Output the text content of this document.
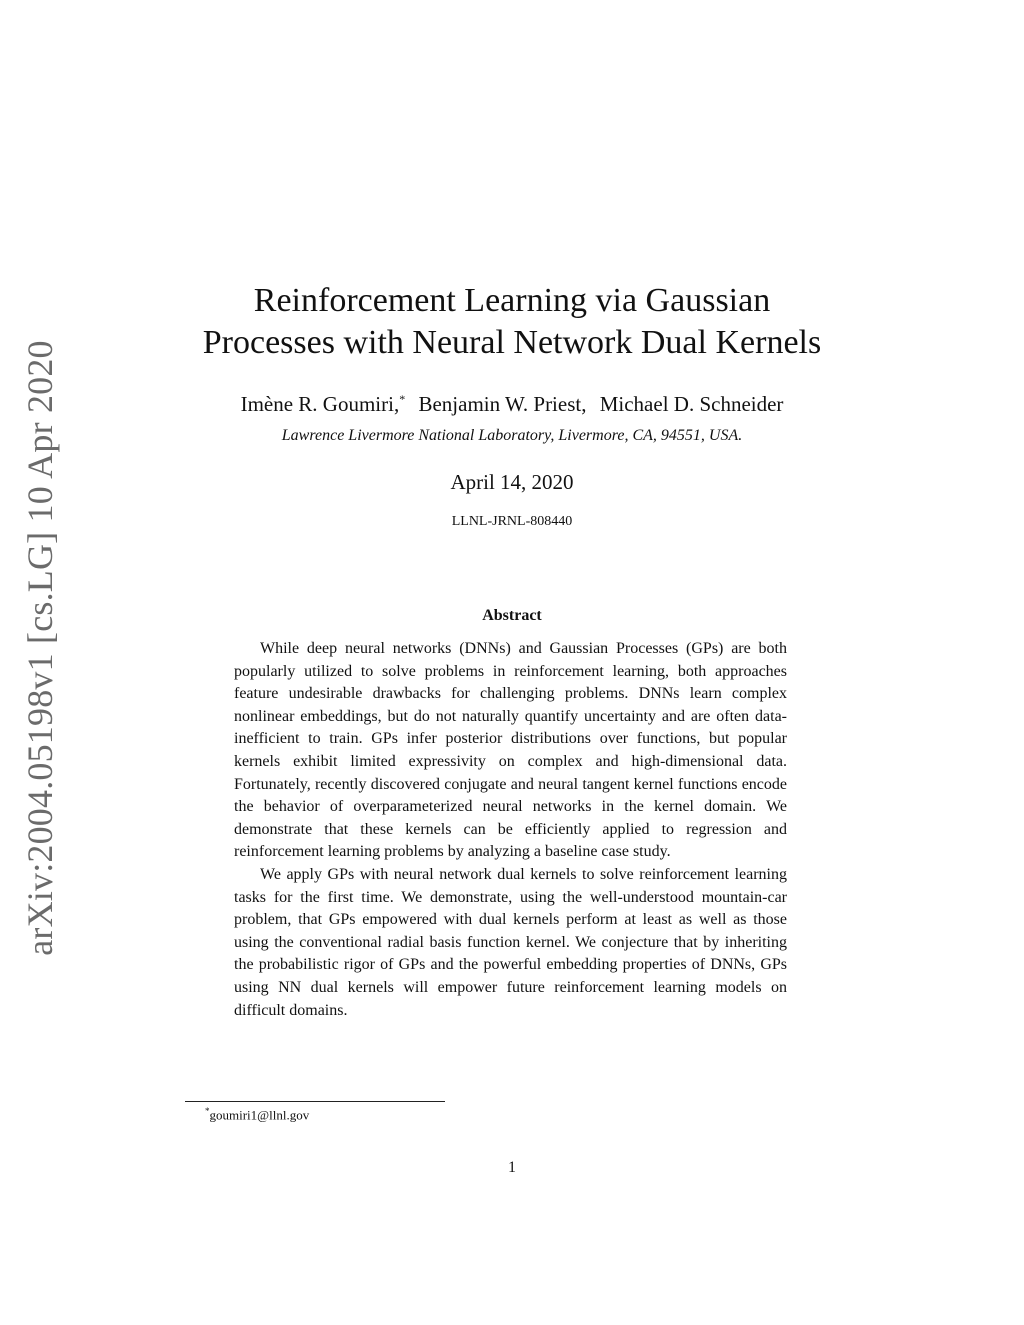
arXiv:2004.05198v1 [cs.LG] 10 Apr 2020
Reinforcement Learning via Gaussian
Processes with Neural Network Dual Kernels
Imène R. Goumiri,* Benjamin W. Priest, Michael D. Schneider
Lawrence Livermore National Laboratory, Livermore, CA, 94551, USA.
April 14, 2020
LLNL-JRNL-808440
Abstract

While deep neural networks (DNNs) and Gaussian Processes (GPs) are both popularly utilized to solve problems in reinforcement learning, both approaches feature undesirable drawbacks for challenging problems. DNNs learn complex nonlinear embeddings, but do not naturally quantify uncertainty and are often data-inefficient to train. GPs infer posterior distributions over functions, but popular kernels exhibit limited expressivity on complex and high-dimensional data. Fortunately, recently discovered conjugate and neural tangent kernel functions encode the behavior of overparameterized neural networks in the kernel domain. We demonstrate that these kernels can be efficiently applied to regression and reinforcement learning problems by analyzing a baseline case study.

We apply GPs with neural network dual kernels to solve reinforcement learning tasks for the first time. We demonstrate, using the well-understood mountain-car problem, that GPs empowered with dual kernels perform at least as well as those using the conventional radial basis function kernel. We conjecture that by inheriting the probabilistic rigor of GPs and the powerful embedding properties of DNNs, GPs using NN dual kernels will empower future reinforcement learning models on difficult domains.

*goumiri1@llnl.gov
1
